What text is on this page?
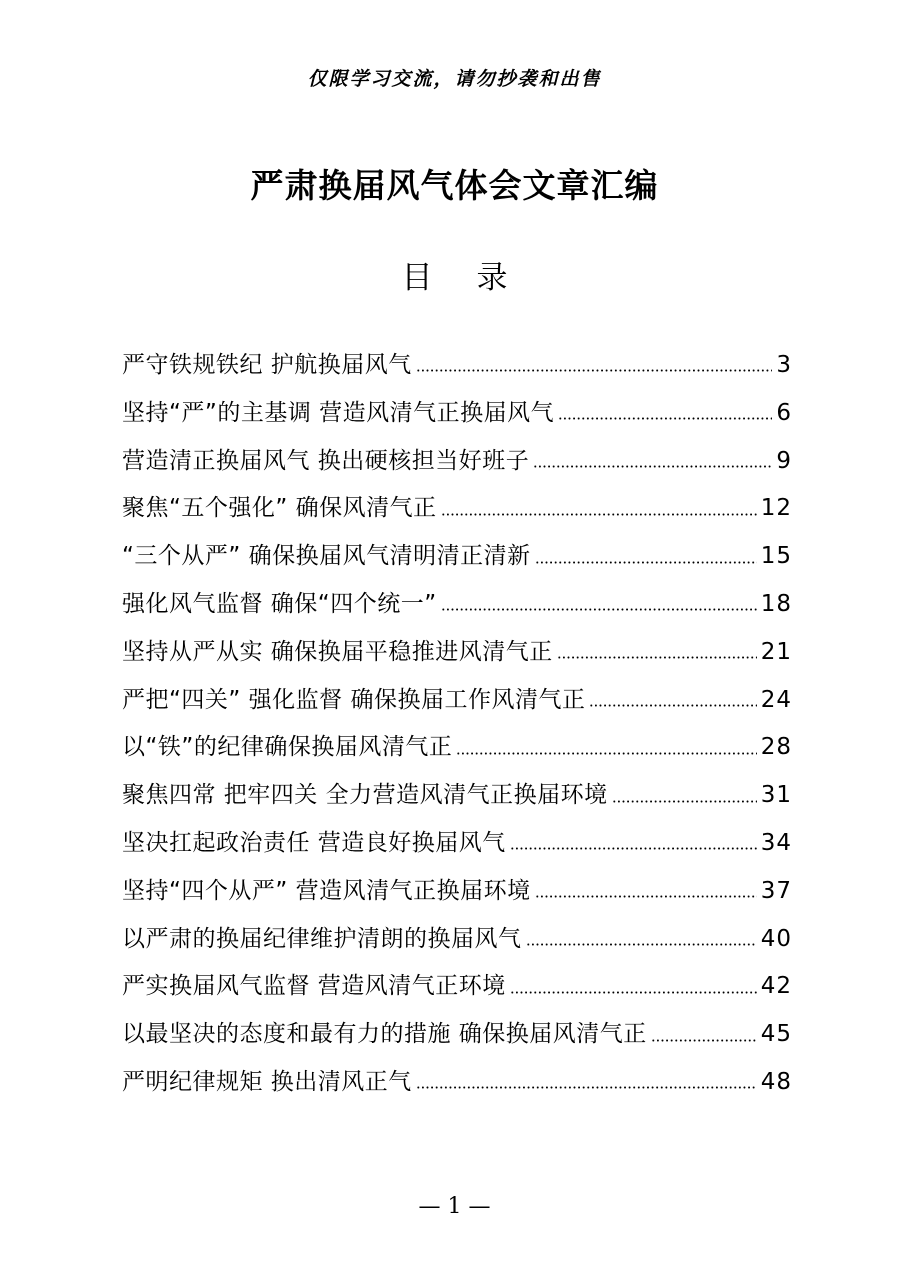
仅限学习交流，请勿抄袭和出售
严肃换届风气体会文章汇编
目 录
严守铁规铁纪 护航换届风气	3
坚持“严”的主基调 营造风清气正换届风气	6
营造清正换届风气 换出硬核担当好班子	9
聚焦“五个强化” 确保风清气正	12
“三个从严” 确保换届风气清明清正清新	15
强化风气监督 确保“四个统一”	18
坚持从严从实 确保换届平稳推进风清气正	21
严把“四关” 强化监督 确保换届工作风清气正	24
以“铁”的纪律确保换届风清气正	28
聚焦四常 把牢四关 全力营造风清气正换届环境	31
坚决扛起政治责任 营造良好换届风气	34
坚持“四个从严” 营造风清气正换届环境	37
以严肃的换届纪律维护清朗的换届风气	40
严实换届风气监督 营造风清气正环境	42
以最坚决的态度和最有力的措施 确保换届风清气正	45
严明纪律规矩 换出清风正气	48
— 1 —
